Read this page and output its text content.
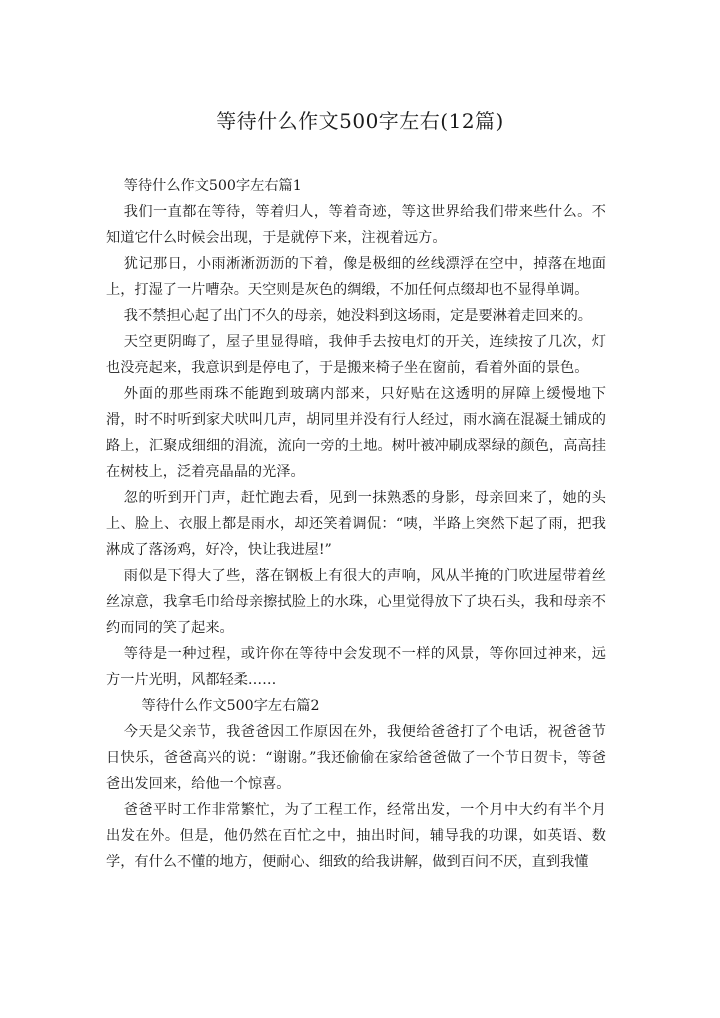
等待什么作文500字左右(12篇)

等待什么作文500字左右篇1

我们一直都在等待，等着归人，等着奇迹，等这世界给我们带来些什么。不知道它什么时候会出现，于是就停下来，注视着远方。

犹记那日，小雨淅淅沥沥的下着，像是极细的丝线漂浮在空中，掉落在地面上，打湿了一片嘈杂。天空则是灰色的绸缎，不加任何点缀却也不显得单调。

我不禁担心起了出门不久的母亲，她没料到这场雨，定是要淋着走回来的。

天空更阴晦了，屋子里显得暗，我伸手去按电灯的开关，连续按了几次，灯也没亮起来，我意识到是停电了，于是搬来椅子坐在窗前，看着外面的景色。

外面的那些雨珠不能跑到玻璃内部来，只好贴在这透明的屏障上缓慢地下滑，时不时听到家犬吠叫几声，胡同里并没有行人经过，雨水滴在混凝土铺成的路上，汇聚成细细的涓流，流向一旁的土地。树叶被冲刷成翠绿的颜色，高高挂在树枝上，泛着亮晶晶的光泽。

忽的听到开门声，赶忙跑去看，见到一抹熟悉的身影，母亲回来了，她的头上、脸上、衣服上都是雨水，却还笑着调侃：“咦，半路上突然下起了雨，把我淋成了落汤鸡，好冷，快让我进屋!”

雨似是下得大了些，落在钢板上有很大的声响，风从半掩的门吹进屋带着丝丝凉意，我拿毛巾给母亲擦拭脸上的水珠，心里觉得放下了块石头，我和母亲不约而同的笑了起来。

等待是一种过程，或许你在等待中会发现不一样的风景，等你回过神来，远方一片光明，风都轻柔……

等待什么作文500字左右篇2

今天是父亲节，我爸爸因工作原因在外，我便给爸爸打了个电话，祝爸爸节日快乐，爸爸高兴的说：“谢谢。”我还偷偷在家给爸爸做了一个节日贺卡，等爸爸出发回来，给他一个惊喜。

爸爸平时工作非常繁忙，为了工程工作，经常出发，一个月中大约有半个月出发在外。但是，他仍然在百忙之中，抽出时间，辅导我的功课，如英语、数学，有什么不懂的地方，便耐心、细致的给我讲解，做到百问不厌，直到我懂
